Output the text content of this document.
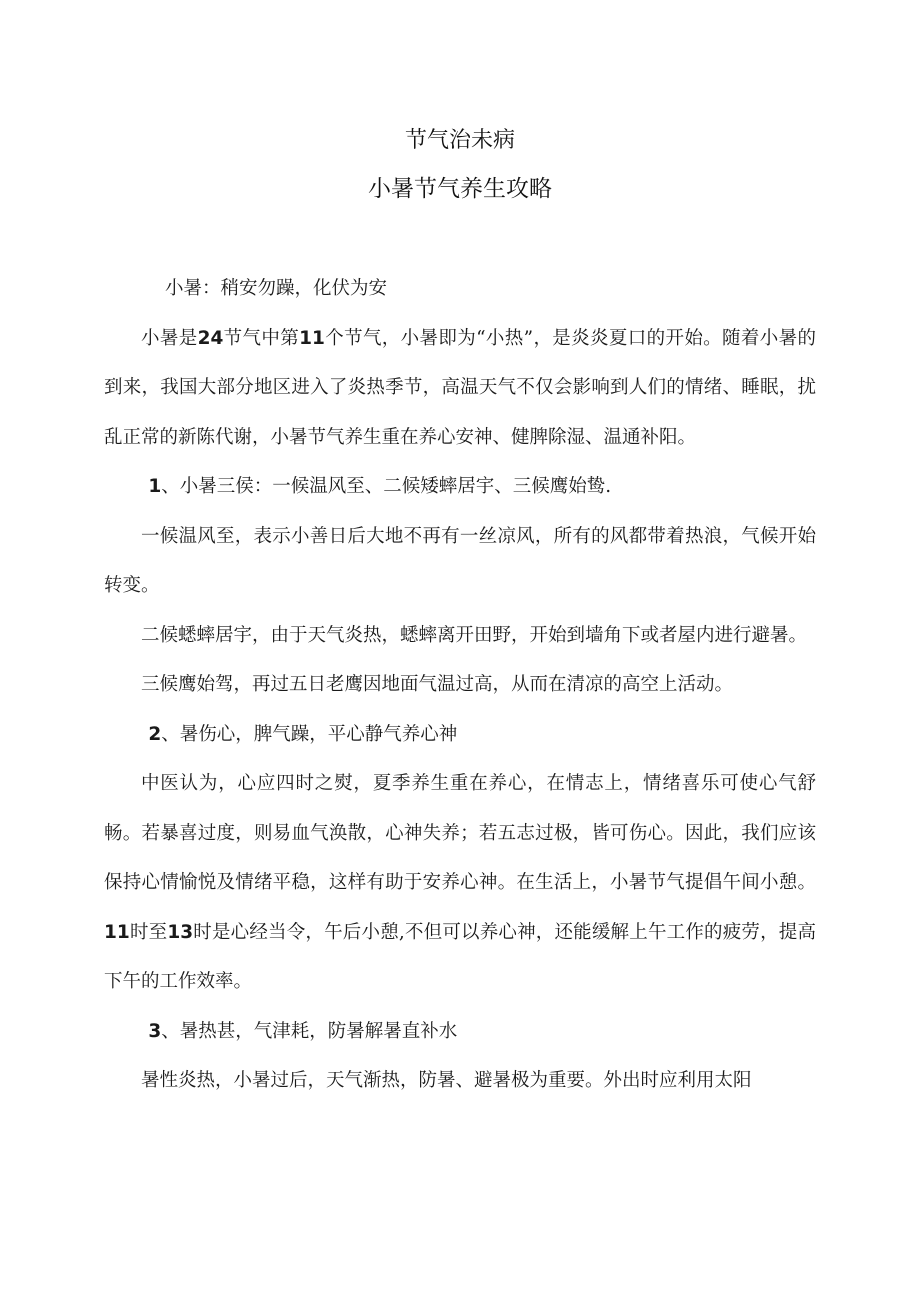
节气治未病
小暑节气养生攻略

小暑：稍安勿躁，化伏为安

小暑是24节气中第11个节气，小暑即为“小热”，是炎炎夏口的开始。随着小暑的到来，我国大部分地区进入了炎热季节，高温天气不仅会影响到人们的情绪、睡眠，扰乱正常的新陈代谢，小暑节气养生重在养心安神、健脾除湿、温通补阳。

1、小暑三侯：一候温风至、二候矮蟀居宇、三候鹰始鸷.

一候温风至，表示小善日后大地不再有一丝凉风，所有的风都带着热浪，气候开始转变。

二候蟋蟀居宇，由于天气炎热，蟋蟀离开田野，开始到墙角下或者屋内进行避暑。

三候鹰始驾，再过五日老鹰因地面气温过高，从而在清凉的高空上活动。

2、暑伤心，脾气躁，平心静气养心神

中医认为，心应四时之熨，夏季养生重在养心，在情志上，情绪喜乐可使心气舒畅。若暴喜过度，则易血气涣散，心神失养；若五志过极，皆可伤心。因此，我们应该保持心情愉悦及情绪平稳，这样有助于安养心神。在生活上，小暑节气提倡午间小憩。11时至13时是心经当令，午后小憩,不但可以养心神，还能缓解上午工作的疲劳，提高下午的工作效率。

3、暑热甚，气津耗，防暑解暑直补水

暑性炎热，小暑过后，天气渐热，防暑、避暑极为重要。外出时应利用太阳
